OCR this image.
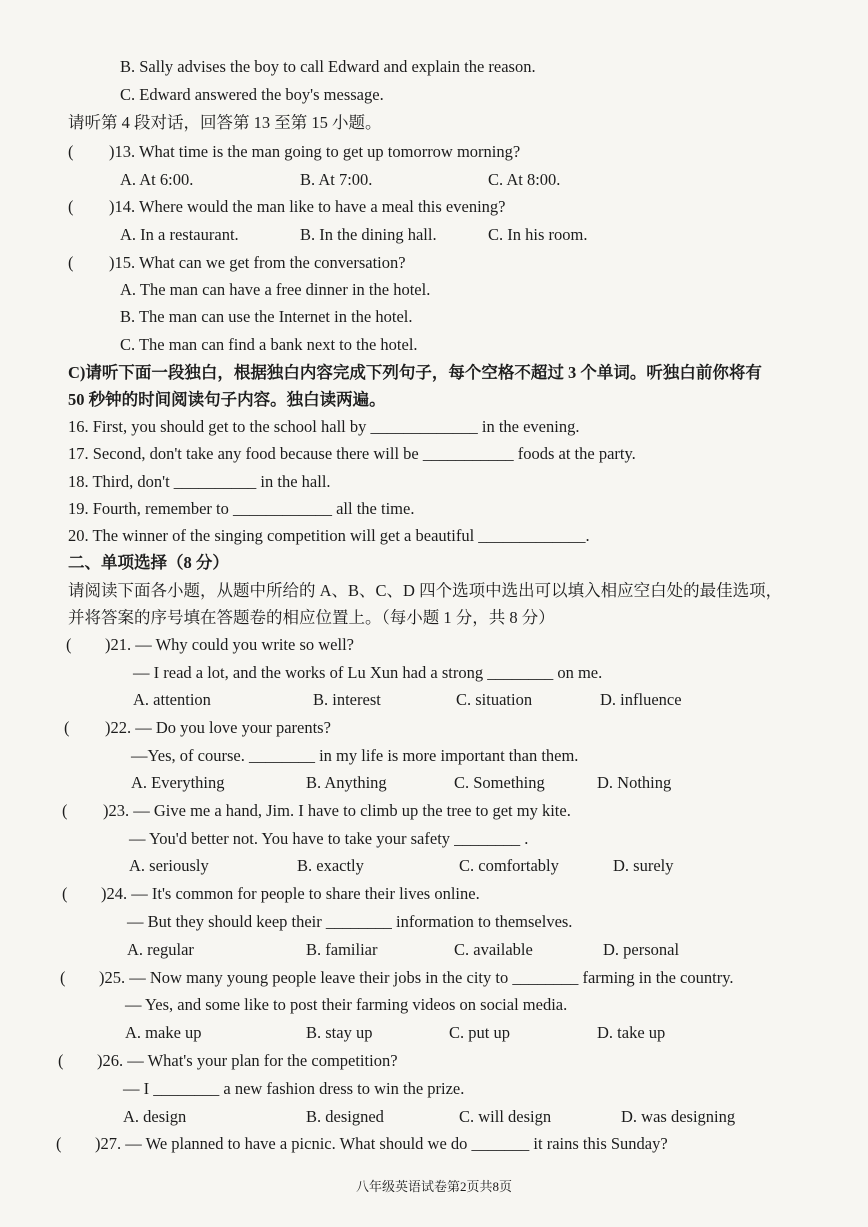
B. Sally advises the boy to call Edward and explain the reason.
C. Edward answered the boy's message.
请听第 4 段对话，回答第 13 至第 15 小题。
( )13. What time is the man going to get up tomorrow morning?
A. At 6:00.	B. At 7:00.	C. At 8:00.
( )14. Where would the man like to have a meal this evening?
A. In a restaurant.	B. In the dining hall.	C. In his room.
( )15. What can we get from the conversation?
A. The man can have a free dinner in the hotel.
B. The man can use the Internet in the hotel.
C. The man can find a bank next to the hotel.
C)请听下面一段独白，根据独白内容完成下列句子，每个空格不超过 3 个单词。听独白前你将有
50 秒钟的时间阅读句子内容。独白读两遍。
16. First, you should get to the school hall by _____________ in the evening.
17. Second, don't take any food because there will be ___________ foods at the party.
18. Third, don't __________ in the hall.
19. Fourth, remember to ____________ all the time.
20. The winner of the singing competition will get a beautiful _____________.
二、单项选择（8 分）
请阅读下面各小题，从题中所给的 A、B、C、D 四个选项中选出可以填入相应空白处的最佳选项，
并将答案的序号填在答题卷的相应位置上。（每小题 1 分，共 8 分）
( )21. — Why could you write so well?
— I read a lot, and the works of Lu Xun had a strong ________ on me.
A. attention	B. interest	C. situation	D. influence
( )22. — Do you love your parents?
—Yes, of course. ________ in my life is more important than them.
A. Everything	B. Anything	C. Something	D. Nothing
( )23. — Give me a hand, Jim. I have to climb up the tree to get my kite.
— You'd better not. You have to take your safety ________ .
A. seriously	B. exactly	C. comfortably	D. surely
( )24. — It's common for people to share their lives online.
— But they should keep their ________ information to themselves.
A. regular	B. familiar	C. available	D. personal
( )25. — Now many young people leave their jobs in the city to ________ farming in the country.
— Yes, and some like to post their farming videos on social media.
A. make up	B. stay up	C. put up	D. take up
( )26. — What's your plan for the competition?
— I ________ a new fashion dress to win the prize.
A. design	B. designed	C. will design	D. was designing
( )27. — We planned to have a picnic. What should we do _______ it rains this Sunday?
八年级英语试卷第2页共8页
